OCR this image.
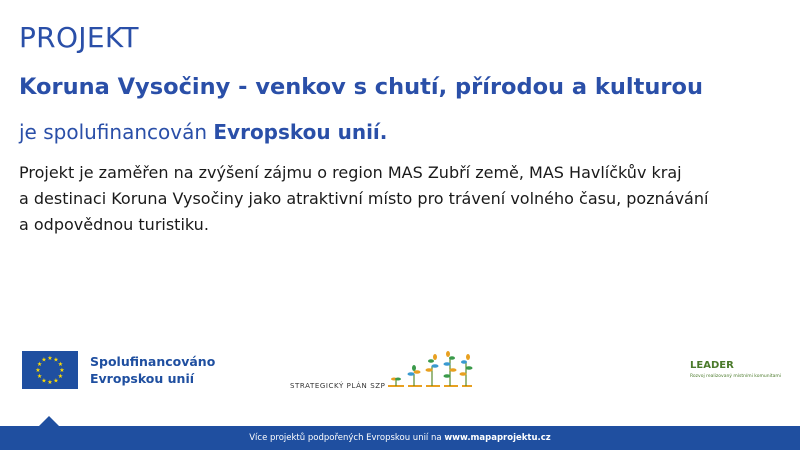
PROJEKT
Koruna Vysočiny - venkov s chutí, přírodou a kulturou

je spolufinancován Evropskou unií.

Projekt je zaměřen na zvýšení zájmu o region MAS Zubří země, MAS Havlíčkův kraj
a destinaci Koruna Vysočiny jako atraktivní místo pro trávení volného času, poznávání
a odpovědnou turistiku.

★ ★
★
★
★
★
★
★
★
★
★
★	Spolufinancováno
Evropskou unií	STRATEGICKÝ PLÁN SZP
LEADER
Rozvoj realizovaný místními komunitami
Více projektů podpořených Evropskou unií na www.mapaprojektu.cz
